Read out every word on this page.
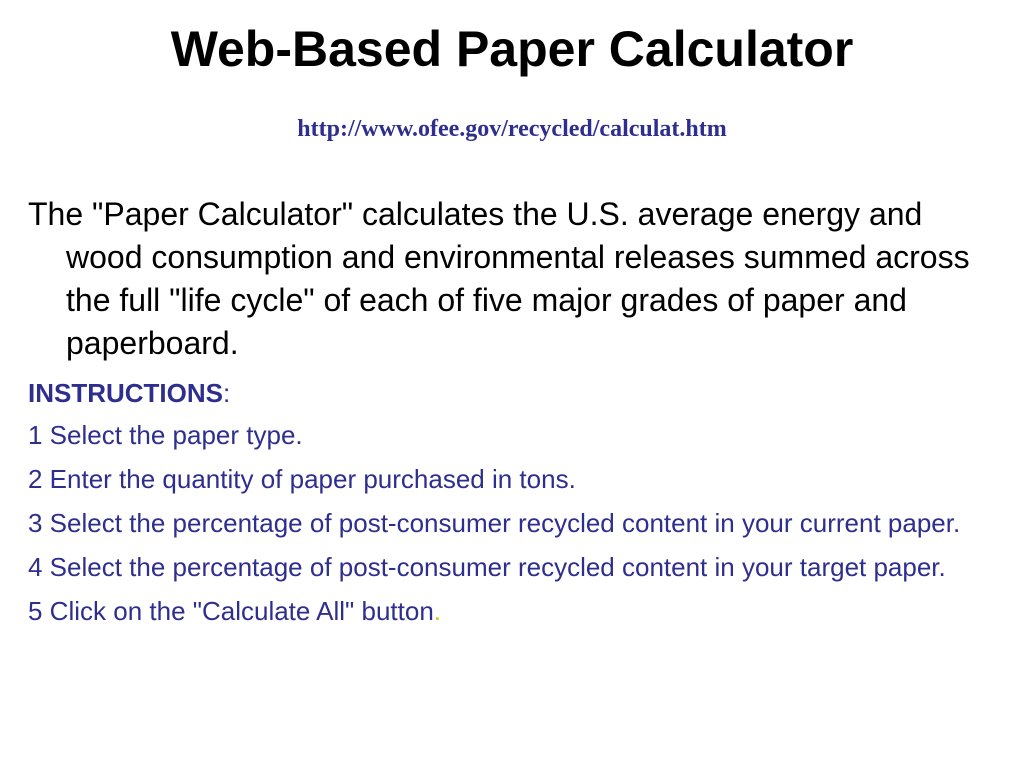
Web-Based Paper Calculator
http://www.ofee.gov/recycled/calculat.htm

The "Paper Calculator" calculates the U.S. average energy and wood consumption and environmental releases summed across the full "life cycle" of each of five major grades of paper and paperboard.

INSTRUCTIONS:

1 Select the paper type.

2 Enter the quantity of paper purchased in tons.

3 Select the percentage of post-consumer recycled content in your current paper.

4 Select the percentage of post-consumer recycled content in your target paper.

5 Click on the "Calculate All" button.
